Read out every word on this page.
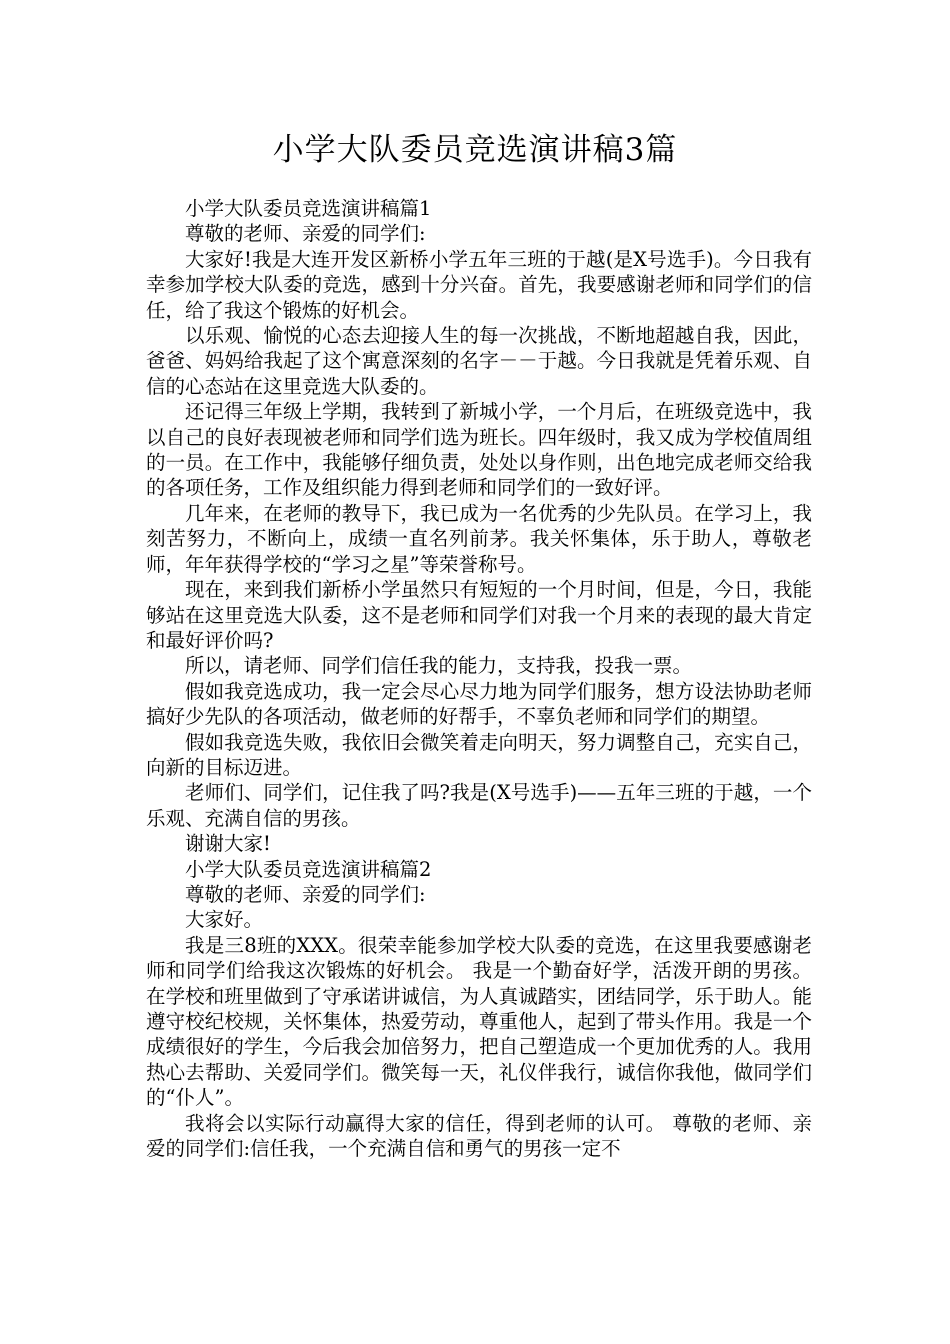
小学大队委员竞选演讲稿3篇

小学大队委员竞选演讲稿篇1

尊敬的老师、亲爱的同学们:

大家好!我是大连开发区新桥小学五年三班的于越(是X号选手)。今日我有幸参加学校大队委的竞选，感到十分兴奋。首先，我要感谢老师和同学们的信任，给了我这个锻炼的好机会。

以乐观、愉悦的心态去迎接人生的每一次挑战，不断地超越自我，因此，爸爸、妈妈给我起了这个寓意深刻的名字－－于越。今日我就是凭着乐观、自信的心态站在这里竞选大队委的。

还记得三年级上学期，我转到了新城小学，一个月后，在班级竞选中，我以自己的良好表现被老师和同学们选为班长。四年级时，我又成为学校值周组的一员。在工作中，我能够仔细负责，处处以身作则，出色地完成老师交给我的各项任务，工作及组织能力得到老师和同学们的一致好评。

几年来，在老师的教导下，我已成为一名优秀的少先队员。在学习上，我刻苦努力，不断向上，成绩一直名列前茅。我关怀集体，乐于助人，尊敬老师，年年获得学校的“学习之星”等荣誉称号。

现在，来到我们新桥小学虽然只有短短的一个月时间，但是，今日，我能够站在这里竞选大队委，这不是老师和同学们对我一个月来的表现的最大肯定和最好评价吗?

所以，请老师、同学们信任我的能力，支持我，投我一票。

假如我竞选成功，我一定会尽心尽力地为同学们服务，想方设法协助老师搞好少先队的各项活动，做老师的好帮手，不辜负老师和同学们的期望。

假如我竞选失败，我依旧会微笑着走向明天，努力调整自己，充实自己，向新的目标迈进。

老师们、同学们，记住我了吗?我是(X号选手)——五年三班的于越，一个乐观、充满自信的男孩。

谢谢大家!

小学大队委员竞选演讲稿篇2

尊敬的老师、亲爱的同学们:

大家好。

我是三8班的XXX。很荣幸能参加学校大队委的竞选，在这里我要感谢老师和同学们给我这次锻炼的好机会。 我是一个勤奋好学，活泼开朗的男孩。在学校和班里做到了守承诺讲诚信，为人真诚踏实，团结同学，乐于助人。能遵守校纪校规，关怀集体，热爱劳动，尊重他人，起到了带头作用。我是一个成绩很好的学生，今后我会加倍努力，把自己塑造成一个更加优秀的人。我用热心去帮助、关爱同学们。微笑每一天，礼仪伴我行，诚信你我他，做同学们的“仆人”。

我将会以实际行动赢得大家的信任，得到老师的认可。 尊敬的老师、亲爱的同学们:信任我，一个充满自信和勇气的男孩一定不
